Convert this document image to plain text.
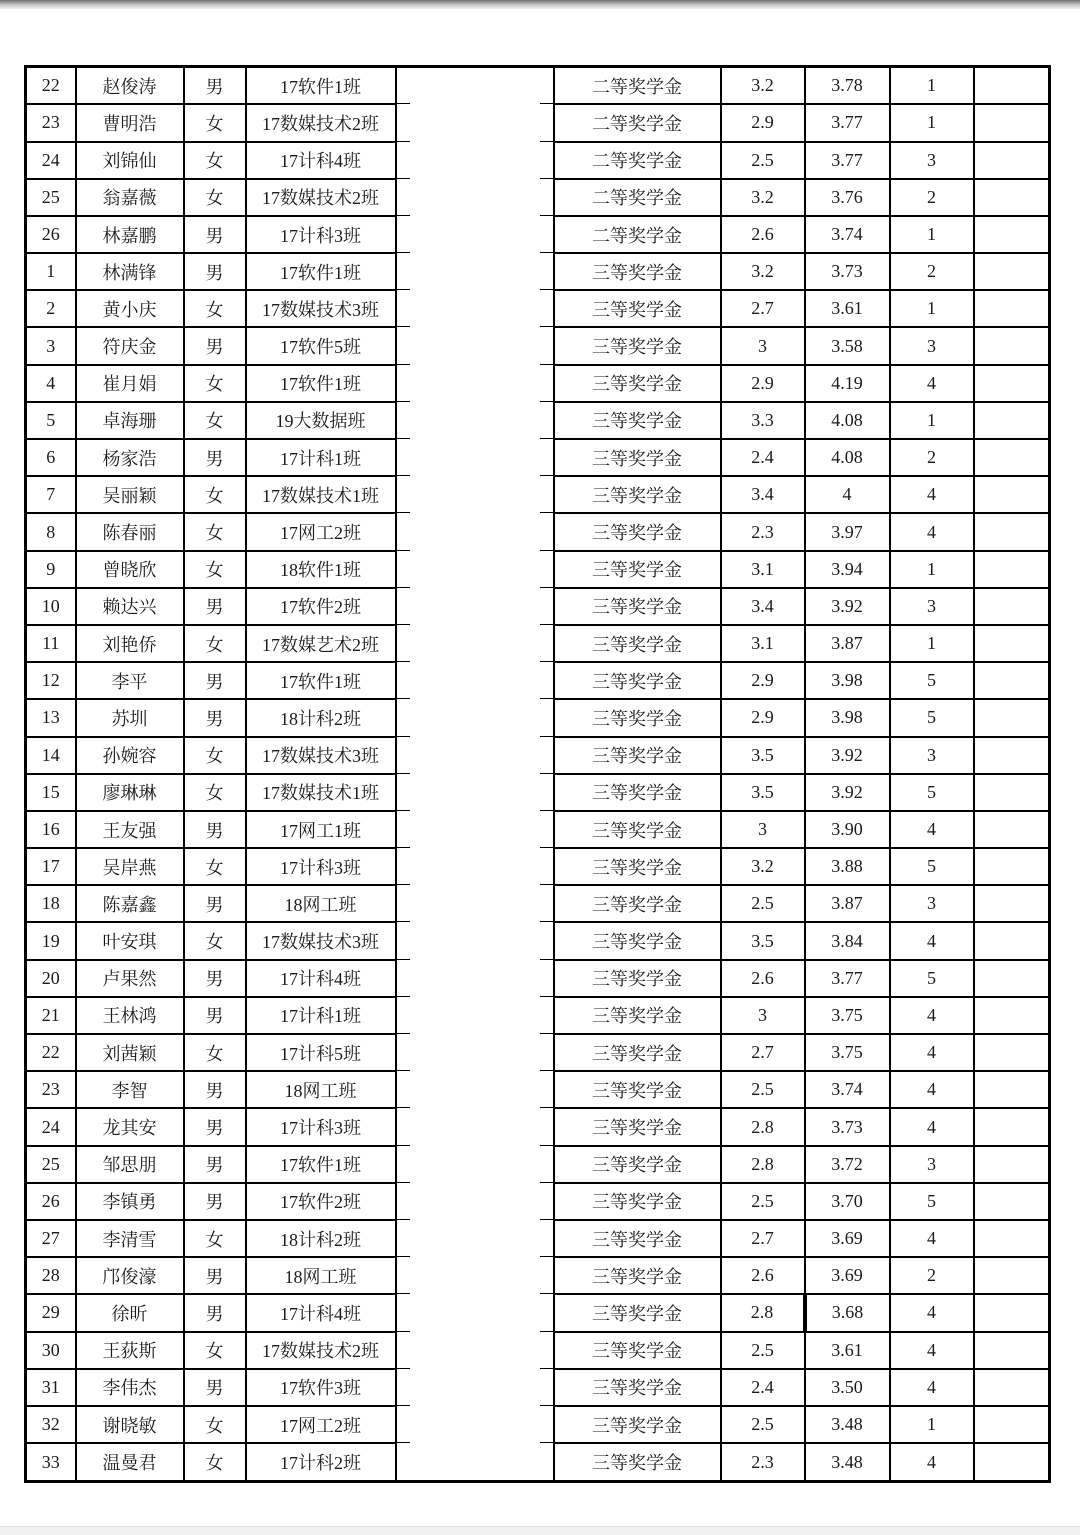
22	赵俊涛	男	17软件1班		二等奖学金	3.2	3.78	1	
23	曹明浩	女	17数媒技术2班		二等奖学金	2.9	3.77	1	
24	刘锦仙	女	17计科4班		二等奖学金	2.5	3.77	3	
25	翁嘉薇	女	17数媒技术2班		二等奖学金	3.2	3.76	2	
26	林嘉鹏	男	17计科3班		二等奖学金	2.6	3.74	1	
1	林满锋	男	17软件1班		三等奖学金	3.2	3.73	2	
2	黄小庆	女	17数媒技术3班		三等奖学金	2.7	3.61	1	
3	符庆金	男	17软件5班		三等奖学金	3	3.58	3	
4	崔月娟	女	17软件1班		三等奖学金	2.9	4.19	4	
5	卓海珊	女	19大数据班		三等奖学金	3.3	4.08	1	
6	杨家浩	男	17计科1班		三等奖学金	2.4	4.08	2	
7	吴丽颖	女	17数媒技术1班		三等奖学金	3.4	4	4	
8	陈春丽	女	17网工2班		三等奖学金	2.3	3.97	4	
9	曾晓欣	女	18软件1班		三等奖学金	3.1	3.94	1	
10	赖达兴	男	17软件2班		三等奖学金	3.4	3.92	3	
11	刘艳侨	女	17数媒艺术2班		三等奖学金	3.1	3.87	1	
12	李平	男	17软件1班		三等奖学金	2.9	3.98	5	
13	苏圳	男	18计科2班		三等奖学金	2.9	3.98	5	
14	孙婉容	女	17数媒技术3班		三等奖学金	3.5	3.92	3	
15	廖琳琳	女	17数媒技术1班		三等奖学金	3.5	3.92	5	
16	王友强	男	17网工1班		三等奖学金	3	3.90	4	
17	吴岸燕	女	17计科3班		三等奖学金	3.2	3.88	5	
18	陈嘉鑫	男	18网工班		三等奖学金	2.5	3.87	3	
19	叶安琪	女	17数媒技术3班		三等奖学金	3.5	3.84	4	
20	卢果然	男	17计科4班		三等奖学金	2.6	3.77	5	
21	王林鸿	男	17计科1班		三等奖学金	3	3.75	4	
22	刘茜颖	女	17计科5班		三等奖学金	2.7	3.75	4	
23	李智	男	18网工班		三等奖学金	2.5	3.74	4	
24	龙其安	男	17计科3班		三等奖学金	2.8	3.73	4	
25	邹思朋	男	17软件1班		三等奖学金	2.8	3.72	3	
26	李镇勇	男	17软件2班		三等奖学金	2.5	3.70	5	
27	李清雪	女	18计科2班		三等奖学金	2.7	3.69	4	
28	邝俊濠	男	18网工班		三等奖学金	2.6	3.69	2	
29	徐昕	男	17计科4班		三等奖学金	2.8	3.68	4	
30	王荻斯	女	17数媒技术2班		三等奖学金	2.5	3.61	4	
31	李伟杰	男	17软件3班		三等奖学金	2.4	3.50	4	
32	谢晓敏	女	17网工2班		三等奖学金	2.5	3.48	1	
33	温曼君	女	17计科2班		三等奖学金	2.3	3.48	4	
